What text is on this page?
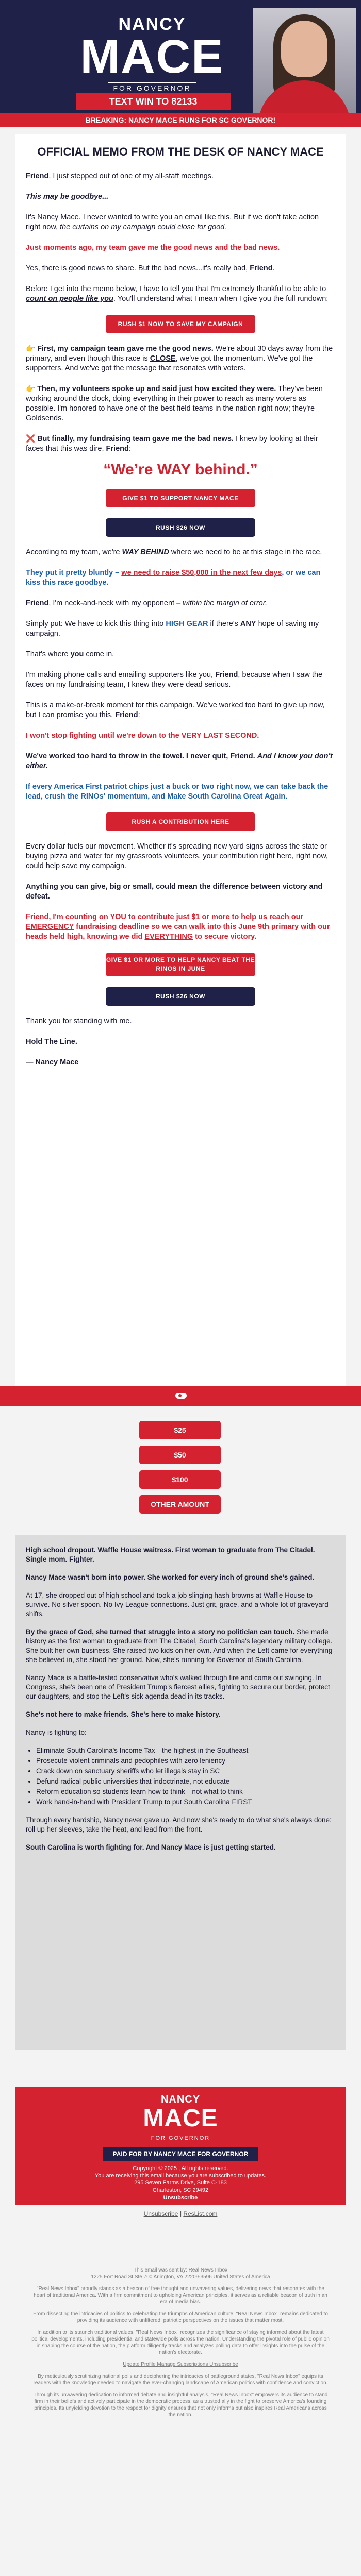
NANCY
MACE
FOR GOVERNOR
TEXT WIN TO 82133
BREAKING: NANCY MACE RUNS FOR SC GOVERNOR!
OFFICIAL MEMO FROM THE DESK OF NANCY MACE

Friend, I just stepped out of one of my all-staff meetings.

This may be goodbye...

It's Nancy Mace. I never wanted to write you an email like this. But if we don't take action right now, the curtains on my campaign could close for good.

Just moments ago, my team gave me the good news and the bad news.

Yes, there is good news to share. But the bad news...it's really bad, Friend.

Before I get into the memo below, I have to tell you that I'm extremely thankful to be able to count on people like you. You'll understand what I mean when I give you the full rundown:

RUSH $1 NOW TO SAVE MY CAMPAIGN

👉 First, my campaign team gave me the good news. We're about 30 days away from the primary, and even though this race is CLOSE, we've got the momentum. We've got the supporters. And we've got the message that resonates with voters.

👉 Then, my volunteers spoke up and said just how excited they were. They've been working around the clock, doing everything in their power to reach as many voters as possible. I'm honored to have one of the best field teams in the nation right now; they're Goldsends.

❌ But finally, my fundraising team gave me the bad news. I knew by looking at their faces that this was dire, Friend:

“We’re WAY behind.”
GIVE $1 TO SUPPORT NANCY MACE
RUSH $26 NOW

According to my team, we're WAY BEHIND where we need to be at this stage in the race.

They put it pretty bluntly – we need to raise $50,000 in the next few days, or we can kiss this race goodbye.

Friend, I'm neck-and-neck with my opponent – within the margin of error.

Simply put: We have to kick this thing into HIGH GEAR if there's ANY hope of saving my campaign.

That's where you come in.

I'm making phone calls and emailing supporters like you, Friend, because when I saw the faces on my fundraising team, I knew they were dead serious.

This is a make-or-break moment for this campaign. We've worked too hard to give up now, but I can promise you this, Friend:

I won't stop fighting until we're down to the VERY LAST SECOND.

We've worked too hard to throw in the towel. I never quit, Friend. And I know you don't either.

If every America First patriot chips just a buck or two right now, we can take back the lead, crush the RINOs' momentum, and Make South Carolina Great Again.

RUSH A CONTRIBUTION HERE

Every dollar fuels our movement. Whether it's spreading new yard signs across the state or buying pizza and water for my grassroots volunteers, your contribution right here, right now, could help save my campaign.

Anything you can give, big or small, could mean the difference between victory and defeat.

Friend, I'm counting on YOU to contribute just $1 or more to help us reach our EMERGENCY fundraising deadline so we can walk into this June 9th primary with our heads held high, knowing we did EVERYTHING to secure victory.

GIVE $1 OR MORE TO HELP NANCY BEAT THE RINOS IN JUNE
RUSH $26 NOW

Thank you for standing with me.

Hold The Line.

— Nancy Mace

$25
$50
$100
OTHER AMOUNT

High school dropout. Waffle House waitress. First woman to graduate from The Citadel. Single mom. Fighter.

Nancy Mace wasn't born into power. She worked for every inch of ground she's gained.

At 17, she dropped out of high school and took a job slinging hash browns at Waffle House to survive. No silver spoon. No Ivy League connections. Just grit, grace, and a whole lot of graveyard shifts.

By the grace of God, she turned that struggle into a story no politician can touch. She made history as the first woman to graduate from The Citadel, South Carolina's legendary military college. She built her own business. She raised two kids on her own. And when the Left came for everything she believed in, she stood her ground. Now, she's running for Governor of South Carolina.

Nancy Mace is a battle-tested conservative who's walked through fire and come out swinging. In Congress, she's been one of President Trump's fiercest allies, fighting to secure our border, protect our daughters, and stop the Left's sick agenda dead in its tracks.

She's not here to make friends. She's here to make history.

Nancy is fighting to:

• Eliminate South Carolina's Income Tax—the highest in the Southeast
• Prosecute violent criminals and pedophiles with zero leniency
• Crack down on sanctuary sheriffs who let illegals stay in SC
• Defund radical public universities that indoctrinate, not educate
• Reform education so students learn how to think—not what to think
• Work hand-in-hand with President Trump to put South Carolina FIRST

Through every hardship, Nancy never gave up. And now she's ready to do what she's always done: roll up her sleeves, take the heat, and lead from the front.

South Carolina is worth fighting for. And Nancy Mace is just getting started.

NANCY
MACE
FOR GOVERNOR
PAID FOR BY NANCY MACE FOR GOVERNOR
Copyright © 2025 , All rights reserved.
You are receiving this email because you are subscribed to updates.
295 Seven Farms Drive, Suite C-183
Charleston, SC 29492
Unsubscribe
Unsubscribe | ResList.com

This email was sent by: Real News Inbox
1225 Fort Road St Ste 700 Arlington, VA 22209-3596 United States of America

"Real News Inbox" proudly stands as a beacon of free thought and unwavering values, delivering news that resonates with the heart of traditional America. With a firm commitment to upholding American principles, it serves as a reliable beacon of truth in an era of media bias.

From dissecting the intricacies of politics to celebrating the triumphs of American culture, "Real News Inbox" remains dedicated to providing its audience with unfiltered, patriotic perspectives on the issues that matter most.

In addition to its staunch traditional values, "Real News Inbox" recognizes the significance of staying informed about the latest political developments, including presidential and statewide polls across the nation. Understanding the pivotal role of public opinion in shaping the course of the nation, the platform diligently tracks and analyzes polling data to offer insights into the pulse of the nation's electorate.

Update Profile Manage Subscriptions Unsubscribe

By meticulously scrutinizing national polls and deciphering the intricacies of battleground states, "Real News Inbox" equips its readers with the knowledge needed to navigate the ever-changing landscape of American politics with confidence and conviction.

Through its unwavering dedication to informed debate and insightful analysis, "Real News Inbox" empowers its audience to stand firm in their beliefs and actively participate in the democratic process, as a trusted ally in the fight to preserve America's founding principles. Its unyielding devotion to the respect for dignity ensures that not only informs but also inspires Real Americans across the nation.
